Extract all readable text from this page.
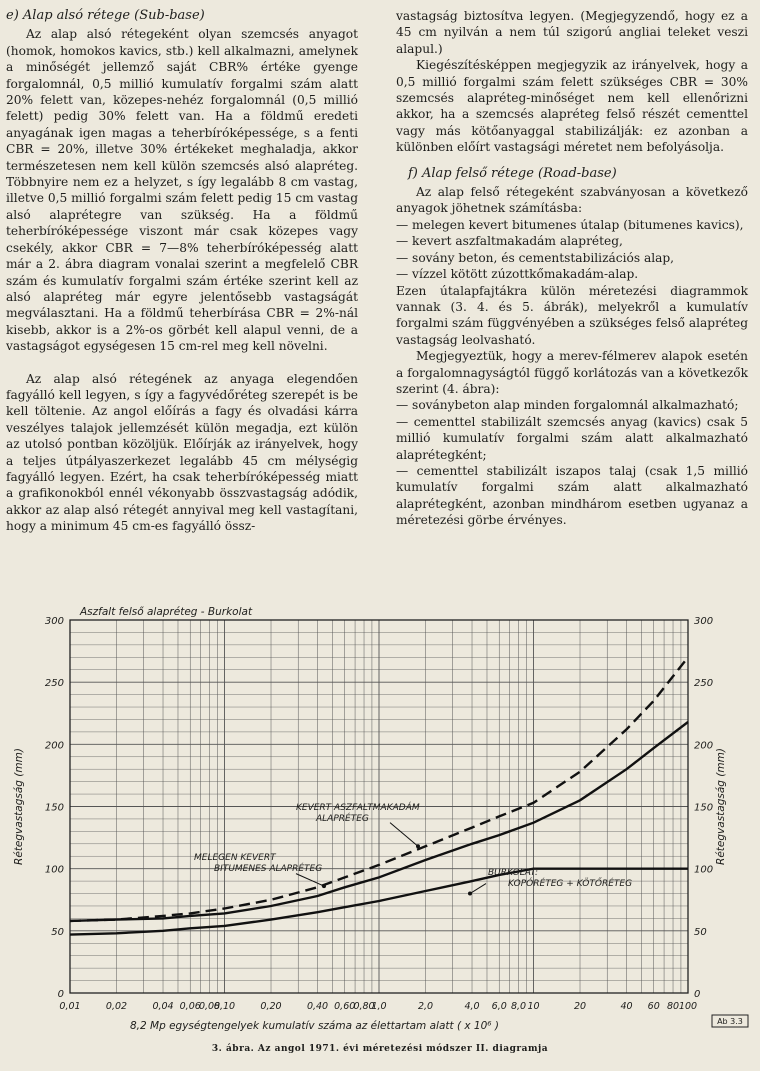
e) Alap alsó rétege (Sub-base)

Az alap alsó rétegeként olyan szemcsés anyagot (homok, homokos kavics, stb.) kell alkalmazni, amelynek a minőségét jellemző saját CBR% értéke gyenge forgalomnál, 0,5 millió kumulatív forgalmi szám alatt 20% felett van, közepes-nehéz forgalomnál (0,5 millió felett) pedig 30% felett van. Ha a földmű eredeti anyagának igen magas a teherbíróképessége, s a fenti CBR = 20%, illetve 30% értékeket meghaladja, akkor természetesen nem kell külön szemcsés alsó alapréteg. Többnyire nem ez a helyzet, s így legalább 8 cm vastag, illetve 0,5 millió forgalmi szám felett pedig 15 cm vastag alsó alaprétegre van szükség. Ha a földmű teherbíróképessége viszont már csak közepes vagy csekély, akkor CBR = 7—8% teherbíróképesség alatt már a 2. ábra diagram vonalai szerint a megfelelő CBR szám és kumulatív forgalmi szám értéke szerint kell az alsó alapréteg már egyre jelentősebb vastagságát megválasztani. Ha a földmű teherbírása CBR = 2%-nál kisebb, akkor is a 2%-os görbét kell alapul venni, de a vastagságot egységesen 15 cm-rel meg kell növelni.

Az alap alsó rétegének az anyaga elegendően fagyálló kell legyen, s így a fagyvédőréteg szerepét is be kell töltenie. Az angol előírás a fagy és olvadási kárra veszélyes talajok jellemzését külön megadja, ezt külön az utolsó pontban közöljük. Előírják az irányelvek, hogy a teljes útpályaszerkezet legalább 45 cm mélységig fagyálló legyen. Ezért, ha csak teherbíróképesség miatt a grafikonokból ennél vékonyabb összvastagság adódik, akkor az alap alsó rétegét annyival meg kell vastagítani, hogy a minimum 45 cm-es fagyálló össz-

vastagság biztosítva legyen. (Megjegyzendő, hogy ez a 45 cm nyilván a nem túl szigorú angliai teleket veszi alapul.)

Kiegészítésképpen megjegyzik az irányelvek, hogy a 0,5 millió forgalmi szám felett szükséges CBR = 30% szemcsés alapréteg-minőséget nem kell ellenőrizni akkor, ha a szemcsés alapréteg felső részét cementtel vagy más kötőanyaggal stabilizálják: ez azonban a különben előírt vastagsági méretet nem befolyásolja.

f) Alap felső rétege (Road-base)

Az alap felső rétegeként szabványosan a következő anyagok jöhetnek számításba:

— melegen kevert bitumenes útalap (bitumenes kavics),

— kevert aszfaltmakadám alapréteg,

— sovány beton, és cementstabilizációs alap,

— vízzel kötött zúzottkőmakadám-alap.

Ezen útalapfajtákra külön méretezési diagrammok vannak (3. 4. és 5. ábrák), melyekről a kumulatív forgalmi szám függvényében a szükséges felső alapréteg vastagság leolvasható.

Megjegyeztük, hogy a merev-félmerev alapok esetén a forgalomnagyságtól függő korlátozás van a következők szerint (4. ábra):

— soványbeton alap minden forgalomnál alkalmazható;

— cementtel stabilizált szemcsés anyag (kavics) csak 5 millió kumulatív forgalmi szám alatt alkalmazható alaprétegként;

— cementtel stabilizált iszapos talaj (csak 1,5 millió kumulatív forgalmi szám alatt alkalmazható alaprétegként, azonban mindhárom esetben ugyanaz a méretezési görbe érvényes.

0	0
50	50
100	100
150	150
200	200
250	250
300	300
0,01	0,02	0,04 0,06
0,08
0,10	0,20	0,40 0,60
0,80
1,0	2,0	4,0 6,0 8,0 10	20	40 60 80 100
Aszfalt felső alapréteg - Burkolat
8,2 Mp egységtengelyek kumulatív száma az élettartam alatt ( x 10⁶ )
Rétegvastagság (mm)	Rétegvastagság (mm)
Ab 3.3
KEVERT ASZFALTMAKADÁM
ALAPRÉTEG
MELEGEN KEVERT
BITUMENES ALAPRÉTEG	BURKOLAT:
KOPÓRÉTEG + KÖTŐRÉTEG
3. ábra. Az angol 1971. évi méretezési módszer II. diagramja
